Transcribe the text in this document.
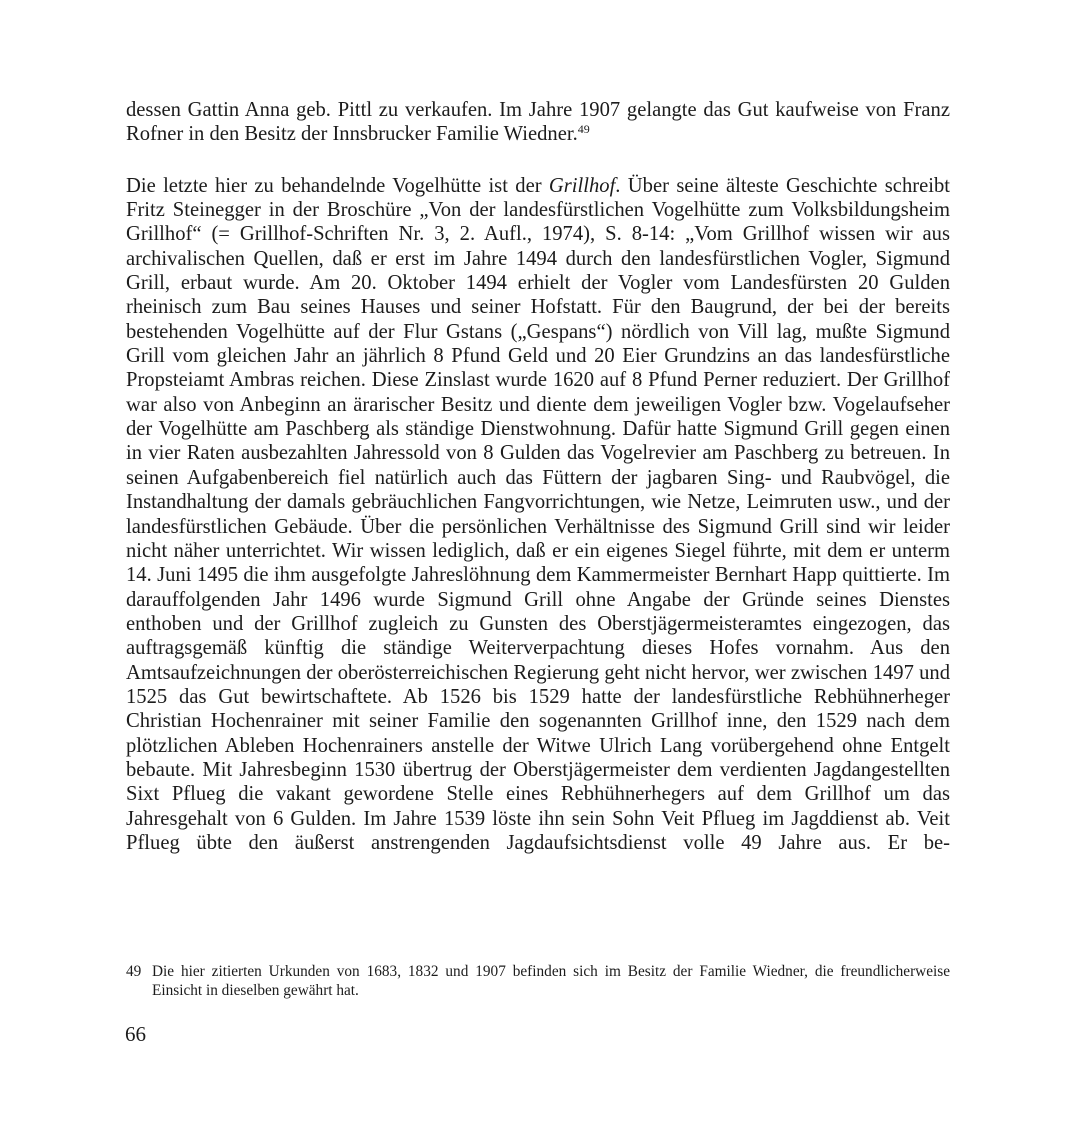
dessen Gattin Anna geb. Pittl zu verkaufen. Im Jahre 1907 gelangte das Gut kaufweise von Franz Rofner in den Besitz der Innsbrucker Familie Wiedner.$^{49}$

Die letzte hier zu behandelnde Vogelhütte ist der Grillhof. Über seine älteste Geschichte schreibt Fritz Steinegger in der Broschüre „Von der landesfürstlichen Vogelhütte zum Volksbildungsheim Grillhof“ (= Grillhof-Schriften Nr. 3, 2. Aufl., 1974), S. 8-14: „Vom Grillhof wissen wir aus archivalischen Quellen, daß er erst im Jahre 1494 durch den landesfürstlichen Vogler, Sigmund Grill, erbaut wurde. Am 20. Oktober 1494 erhielt der Vogler vom Landesfürsten 20 Gulden rheinisch zum Bau seines Hauses und seiner Hofstatt. Für den Baugrund, der bei der bereits bestehenden Vogelhütte auf der Flur Gstans („Gespans“) nördlich von Vill lag, mußte Sigmund Grill vom gleichen Jahr an jährlich 8 Pfund Geld und 20 Eier Grundzins an das landesfürstliche Propsteiamt Ambras reichen. Diese Zinslast wurde 1620 auf 8 Pfund Perner reduziert. Der Grillhof war also von Anbeginn an ärarischer Besitz und diente dem jeweiligen Vogler bzw. Vogelaufseher der Vogelhütte am Paschberg als ständige Dienstwohnung. Dafür hatte Sigmund Grill gegen einen in vier Raten ausbezahlten Jahressold von 8 Gulden das Vogelrevier am Paschberg zu betreuen. In seinen Aufgabenbereich fiel natürlich auch das Füttern der jagbaren Sing- und Raubvögel, die Instandhaltung der damals gebräuchlichen Fangvorrichtungen, wie Netze, Leimruten usw., und der landesfürstlichen Gebäude. Über die persönlichen Verhältnisse des Sigmund Grill sind wir leider nicht näher unterrichtet. Wir wissen lediglich, daß er ein eigenes Siegel führte, mit dem er unterm 14. Juni 1495 die ihm ausgefolgte Jahreslöhnung dem Kammermeister Bernhart Happ quittierte. Im darauffolgenden Jahr 1496 wurde Sigmund Grill ohne Angabe der Gründe seines Dienstes enthoben und der Grillhof zugleich zu Gunsten des Oberstjägermeisteramtes eingezogen, das auftragsgemäß künftig die ständige Weiterverpachtung dieses Hofes vornahm. Aus den Amtsaufzeichnungen der oberösterreichischen Regierung geht nicht hervor, wer zwischen 1497 und 1525 das Gut bewirtschaftete. Ab 1526 bis 1529 hatte der landesfürstliche Rebhühnerheger Christian Hochenrainer mit seiner Familie den sogenannten Grillhof inne, den 1529 nach dem plötzlichen Ableben Hochenrainers anstelle der Witwe Ulrich Lang vorübergehend ohne Entgelt bebaute. Mit Jahresbeginn 1530 übertrug der Oberstjägermeister dem verdienten Jagdangestellten Sixt Pflueg die vakant gewordene Stelle eines Rebhühnerhegers auf dem Grillhof um das Jahresgehalt von 6 Gulden. Im Jahre 1539 löste ihn sein Sohn Veit Pflueg im Jagddienst ab. Veit Pflueg übte den äußerst anstrengenden Jagdaufsichtsdienst volle 49 Jahre aus. Er be-

49 Die hier zitierten Urkunden von 1683, 1832 und 1907 befinden sich im Besitz der Familie Wiedner, die freundlicherweise Einsicht in dieselben gewährt hat.
66
